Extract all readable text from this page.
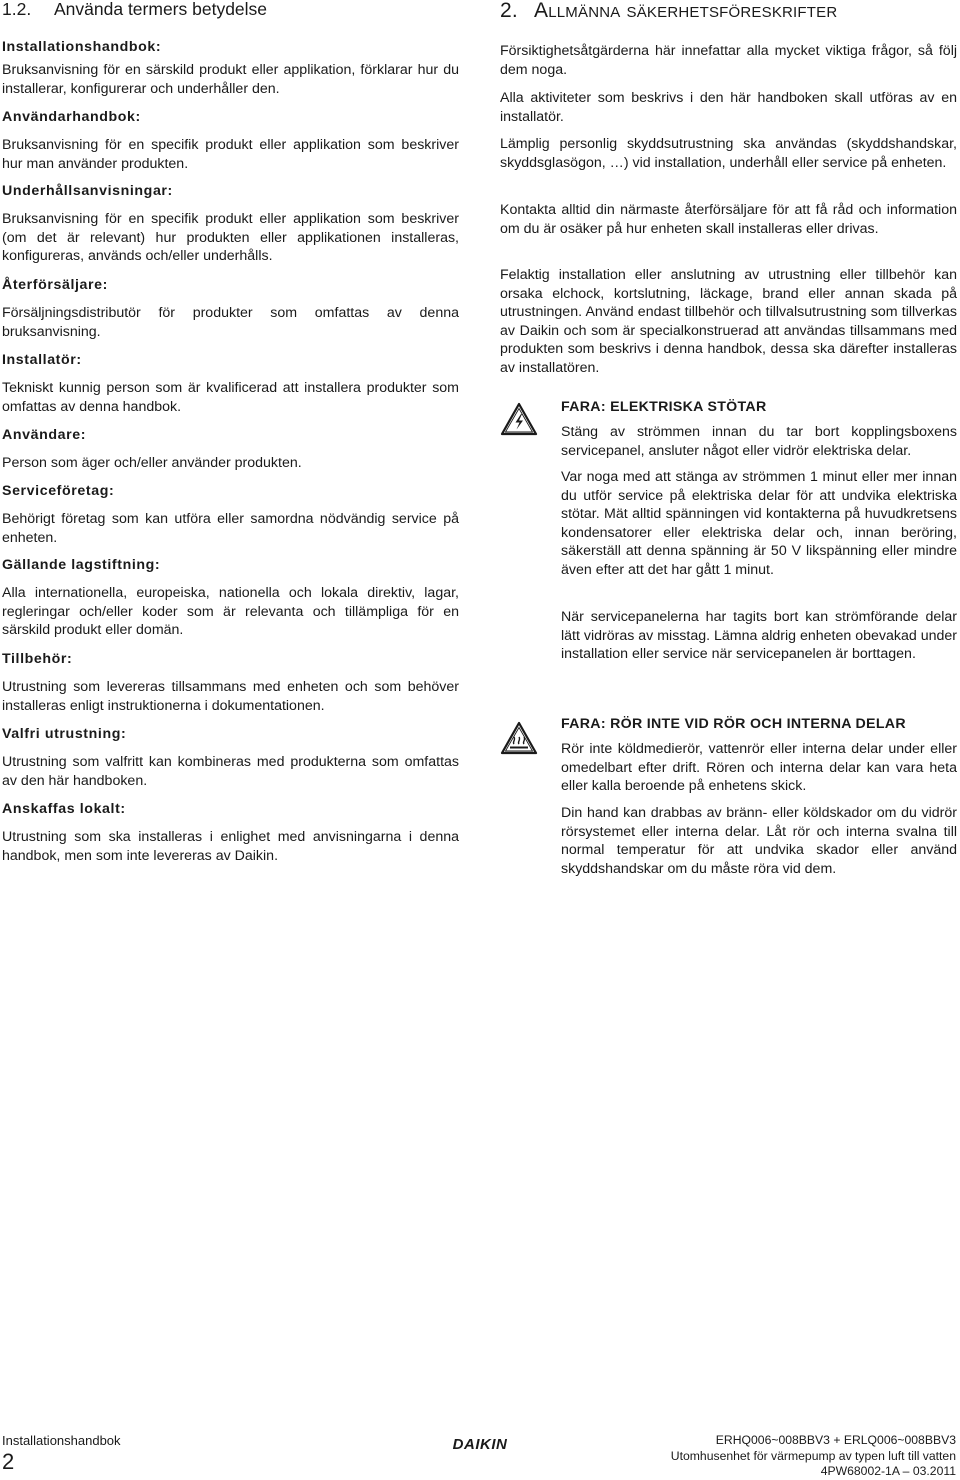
1.2. Använda termers betydelse

Installationshandbok:

Bruksanvisning för en särskild produkt eller applikation, förklarar hur du installerar, konfigurerar och underhåller den.

Användarhandbok:

Bruksanvisning för en specifik produkt eller applikation som beskriver hur man använder produkten.

Underhållsanvisningar:

Bruksanvisning för en specifik produkt eller applikation som beskriver (om det är relevant) hur produkten eller applikationen installeras, konfigureras, används och/eller underhålls.

Återförsäljare:

Försäljningsdistributör för produkter som omfattas av denna bruksanvisning.

Installatör:

Tekniskt kunnig person som är kvalificerad att installera produkter som omfattas av denna handbok.

Användare:

Person som äger och/eller använder produkten.

Serviceföretag:

Behörigt företag som kan utföra eller samordna nödvändig service på enheten.

Gällande lagstiftning:

Alla internationella, europeiska, nationella och lokala direktiv, lagar, regleringar och/eller koder som är relevanta och tillämpliga för en särskild produkt eller domän.

Tillbehör:

Utrustning som levereras tillsammans med enheten och som behöver installeras enligt instruktionerna i dokumentationen.

Valfri utrustning:

Utrustning som valfritt kan kombineras med produkterna som omfattas av den här handboken.

Anskaffas lokalt:

Utrustning som ska installeras i enlighet med anvisningarna i denna handbok, men som inte levereras av Daikin.

2. Allmänna säkerhetsföreskrifter

Försiktighetsåtgärderna här innefattar alla mycket viktiga frågor, så följ dem noga.

Alla aktiviteter som beskrivs i den här handboken skall utföras av en installatör.

Lämplig personlig skyddsutrustning ska användas (skyddshandskar, skyddsglasögon, …) vid installation, underhåll eller service på enheten.

Kontakta alltid din närmaste återförsäljare för att få råd och information om du är osäker på hur enheten skall installeras eller drivas.

Felaktig installation eller anslutning av utrustning eller tillbehör kan orsaka elchock, kortslutning, läckage, brand eller annan skada på utrustningen. Använd endast tillbehör och tillvalsutrustning som tillverkas av Daikin och som är specialkonstruerad att användas tillsammans med produkten som beskrivs i denna handbok, dessa ska därefter installeras av installatören.

FARA: ELEKTRISKA STÖTAR

Stäng av strömmen innan du tar bort kopplingsboxens servicepanel, ansluter något eller vidrör elektriska delar.

Var noga med att stänga av strömmen 1 minut eller mer innan du utför service på elektriska delar för att undvika elektriska stötar. Mät alltid spänningen vid kontakterna på huvudkretsens kondensatorer eller elektriska delar och, innan beröring, säkerställ att denna spänning är 50 V likspänning eller mindre även efter att det har gått 1 minut.

När servicepanelerna har tagits bort kan strömförande delar lätt vidröras av misstag. Lämna aldrig enheten obevakad under installation eller service när servicepanelen är borttagen.

FARA: RÖR INTE VID RÖR OCH INTERNA DELAR

Rör inte köldmedierör, vattenrör eller interna delar under eller omedelbart efter drift. Rören och interna delar kan vara heta eller kalla beroende på enhetens skick.

Din hand kan drabbas av bränn- eller köldskador om du vidrör rörsystemet eller interna delar. Låt rör och interna svalna till normal temperatur för att undvika skador eller använd skyddshandskar om du måste röra vid dem.

Installationshandbok
2
DAIKIN	ERHQ006~008BBV3 + ERLQ006~008BBV3
Utomhusenhet för värmepump av typen luft till vatten
4PW68002-1A – 03.2011
